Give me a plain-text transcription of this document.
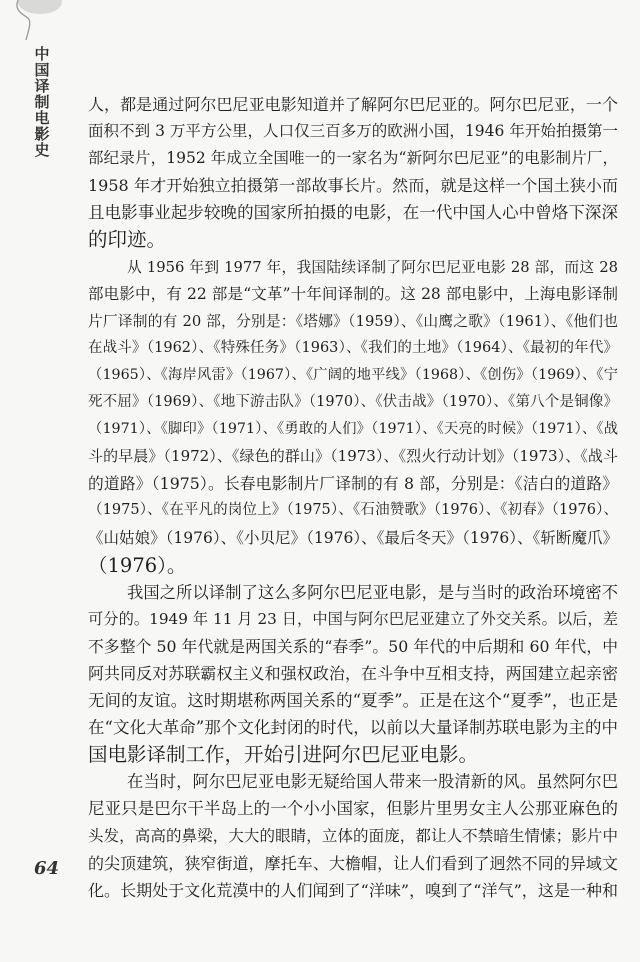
中
国
译
制
电
影
史
人，都是通过阿尔巴尼亚电影知道并了解阿尔巴尼亚的。阿尔巴尼亚，一个
面积不到 3 万平方公里，人口仅三百多万的欧洲小国，1946 年开始拍摄第一
部纪录片，1952 年成立全国唯一的一家名为“新阿尔巴尼亚”的电影制片厂，
1958 年才开始独立拍摄第一部故事长片。然而，就是这样一个国土狭小而
且电影事业起步较晚的国家所拍摄的电影，在一代中国人心中曾烙下深深
的印迹。
从 1956 年到 1977 年，我国陆续译制了阿尔巴尼亚电影 28 部，而这 28
部电影中，有 22 部是“文革”十年间译制的。这 28 部电影中，上海电影译制
片厂译制的有 20 部，分别是：《塔娜》（1959）、《山鹰之歌》（1961）、《他们也
在战斗》（1962）、《特殊任务》（1963）、《我们的土地》（1964）、《最初的年代》
（1965）、《海岸风雷》（1967）、《广阔的地平线》（1968）、《创伤》（1969）、《宁
死不屈》（1969）、《地下游击队》（1970）、《伏击战》（1970）、《第八个是铜像》
（1971）、《脚印》（1971）、《勇敢的人们》（1971）、《天亮的时候》（1971）、《战
斗的早晨》（1972）、《绿色的群山》（1973）、《烈火行动计划》（1973）、《战斗
的道路》（1975）。长春电影制片厂译制的有 8 部，分别是：《洁白的道路》
（1975）、《在平凡的岗位上》（1975）、《石油赞歌》（1976）、《初春》（1976）、
《山姑娘》（1976）、《小贝尼》（1976）、《最后冬天》（1976）、《斩断魔爪》
（1976）。
我国之所以译制了这么多阿尔巴尼亚电影，是与当时的政治环境密不
可分的。1949 年 11 月 23 日，中国与阿尔巴尼亚建立了外交关系。以后，差
不多整个 50 年代就是两国关系的“春季”。50 年代的中后期和 60 年代，中
阿共同反对苏联霸权主义和强权政治，在斗争中互相支持，两国建立起亲密
无间的友谊。这时期堪称两国关系的“夏季”。正是在这个“夏季”，也正是
在“文化大革命”那个文化封闭的时代，以前以大量译制苏联电影为主的中
国电影译制工作，开始引进阿尔巴尼亚电影。
在当时，阿尔巴尼亚电影无疑给国人带来一股清新的风。虽然阿尔巴
尼亚只是巴尔干半岛上的一个小小国家，但影片里男女主人公那亚麻色的
头发，高高的鼻梁，大大的眼睛，立体的面庞，都让人不禁暗生情愫；影片中
的尖顶建筑，狭窄街道，摩托车、大檐帽，让人们看到了迥然不同的异域文
化。长期处于文化荒漠中的人们闻到了“洋味”，嗅到了“洋气”，这是一种和
64
